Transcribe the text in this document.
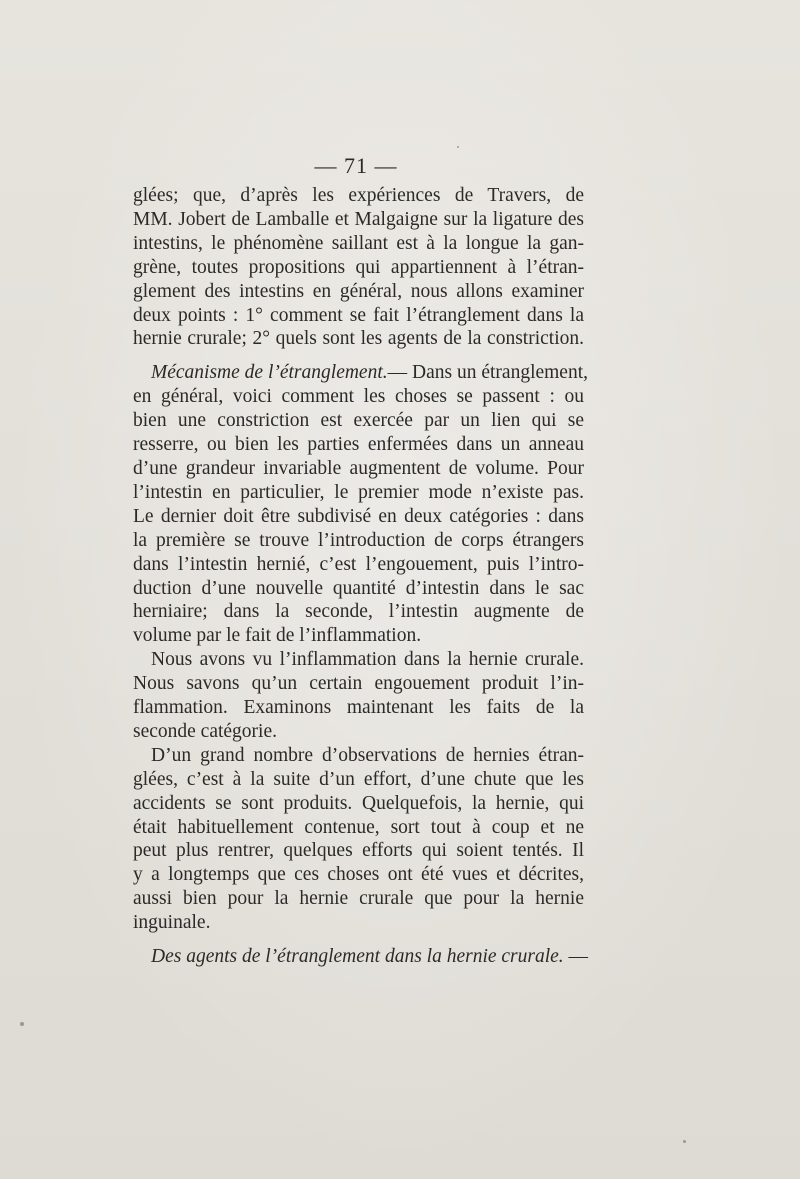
— 71 —
glées; que, d’après les expériences de Travers, de
MM. Jobert de Lamballe et Malgaigne sur la ligature des
intestins, le phénomène saillant est à la longue la gan-
grène, toutes propositions qui appartiennent à l’étran-
glement des intestins en général, nous allons examiner
deux points : 1° comment se fait l’étranglement dans la
hernie crurale; 2° quels sont les agents de la constriction.
Mécanisme de l’étranglement.— Dans un étranglement,
en général, voici comment les choses se passent : ou
bien une constriction est exercée par un lien qui se
resserre, ou bien les parties enfermées dans un anneau
d’une grandeur invariable augmentent de volume. Pour
l’intestin en particulier, le premier mode n’existe pas.
Le dernier doit être subdivisé en deux catégories : dans
la première se trouve l’introduction de corps étrangers
dans l’intestin hernié, c’est l’engouement, puis l’intro-
duction d’une nouvelle quantité d’intestin dans le sac
herniaire; dans la seconde, l’intestin augmente de
volume par le fait de l’inflammation.
Nous avons vu l’inflammation dans la hernie crurale.
Nous savons qu’un certain engouement produit l’in-
flammation. Examinons maintenant les faits de la
seconde catégorie.
D’un grand nombre d’observations de hernies étran-
glées, c’est à la suite d’un effort, d’une chute que les
accidents se sont produits. Quelquefois, la hernie, qui
était habituellement contenue, sort tout à coup et ne
peut plus rentrer, quelques efforts qui soient tentés. Il
y a longtemps que ces choses ont été vues et décrites,
aussi bien pour la hernie crurale que pour la hernie
inguinale.
Des agents de l’étranglement dans la hernie crurale. —
